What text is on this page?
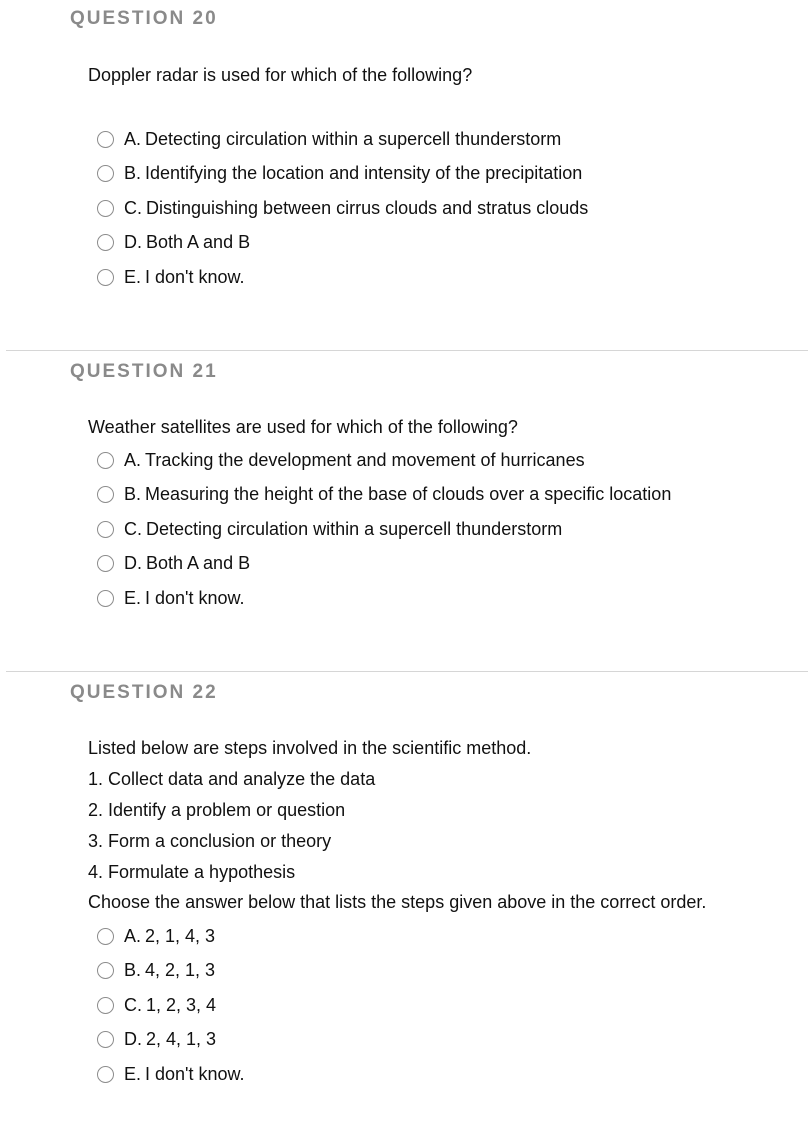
QUESTION 20
Doppler radar is used for which of the following?
A. Detecting circulation within a supercell thunderstorm
B. Identifying the location and intensity of the precipitation
C. Distinguishing between cirrus clouds and stratus clouds
D. Both A and B
E. I don't know.
QUESTION 21
Weather satellites are used for which of the following?
A. Tracking the development and movement of hurricanes
B. Measuring the height of the base of clouds over a specific location
C. Detecting circulation within a supercell thunderstorm
D. Both A and B
E. I don't know.
QUESTION 22
Listed below are steps involved in the scientific method.
1. Collect data and analyze the data
2. Identify a problem or question
3. Form a conclusion or theory
4. Formulate a hypothesis
Choose the answer below that lists the steps given above in the correct order.
A. 2, 1, 4, 3
B. 4, 2, 1, 3
C. 1, 2, 3, 4
D. 2, 4, 1, 3
E. I don't know.
